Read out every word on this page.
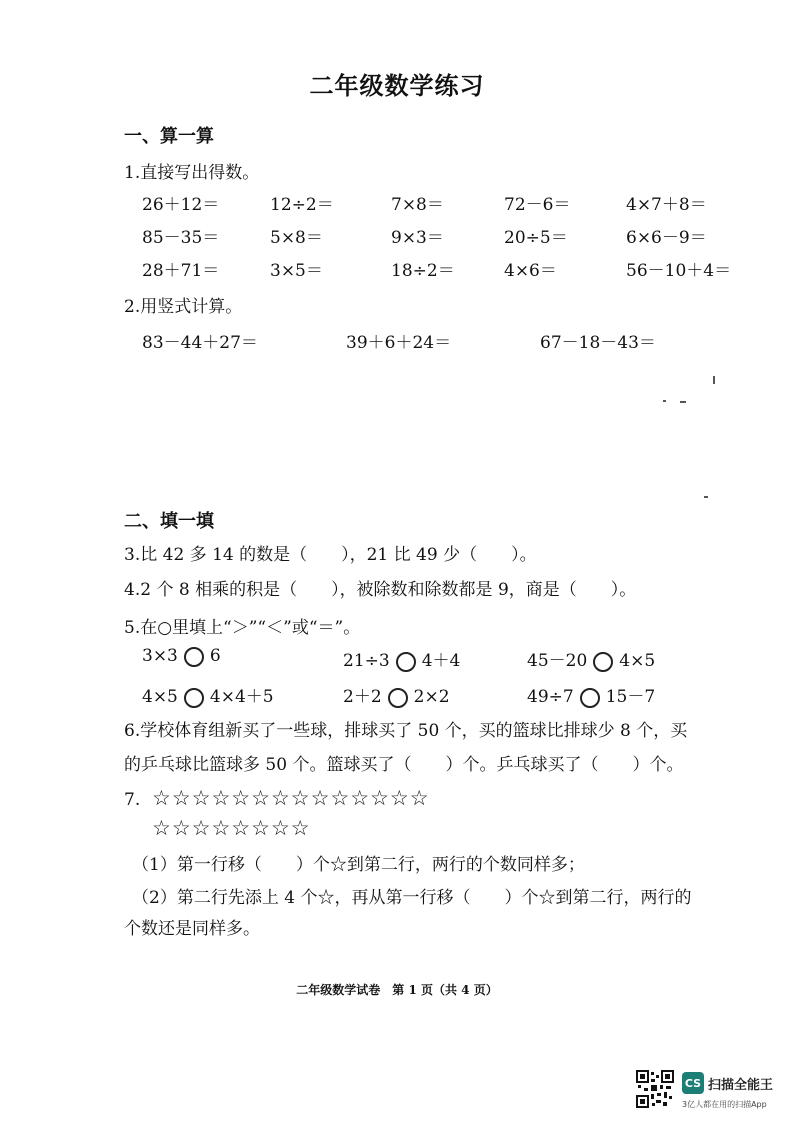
二年级数学练习
一、算一算
1.直接写出得数。
26＋12＝	12÷2＝	7×8＝	72－6＝	4×7＋8＝
85－35＝	5×8＝	9×3＝	20÷5＝	6×6－9＝
28＋71＝	3×5＝	18÷2＝	4×6＝	56－10＋4＝
2.用竖式计算。
83－44＋27＝	39＋6＋24＝	67－18－43＝
二、填一填
3.比 42 多 14 的数是（　　），21 比 49 少（　　）。
4.2 个 8 相乘的积是（　　），被除数和除数都是 9，商是（　　）。
5.在○里填上“＞”“＜”或“＝”。
3×3 6	21÷3 4＋4	45－20 4×5
4×5 4×4＋5	2＋2 2×2	49÷7 15－7
6.学校体育组新买了一些球，排球买了 50 个，买的篮球比排球少 8 个，买
的乒乓球比篮球多 50 个。篮球买了（　　）个。乒乓球买了（　　）个。
7. ☆☆☆☆☆☆☆☆☆☆☆☆☆☆
☆☆☆☆☆☆☆☆
（1）第一行移（　　）个☆到第二行，两行的个数同样多；
（2）第二行先添上 4 个☆，再从第一行移（　　）个☆到第二行，两行的
个数还是同样多。
二年级数学试卷　第 1 页（共 4 页）
CS 扫描全能王
3亿人都在用的扫描App
